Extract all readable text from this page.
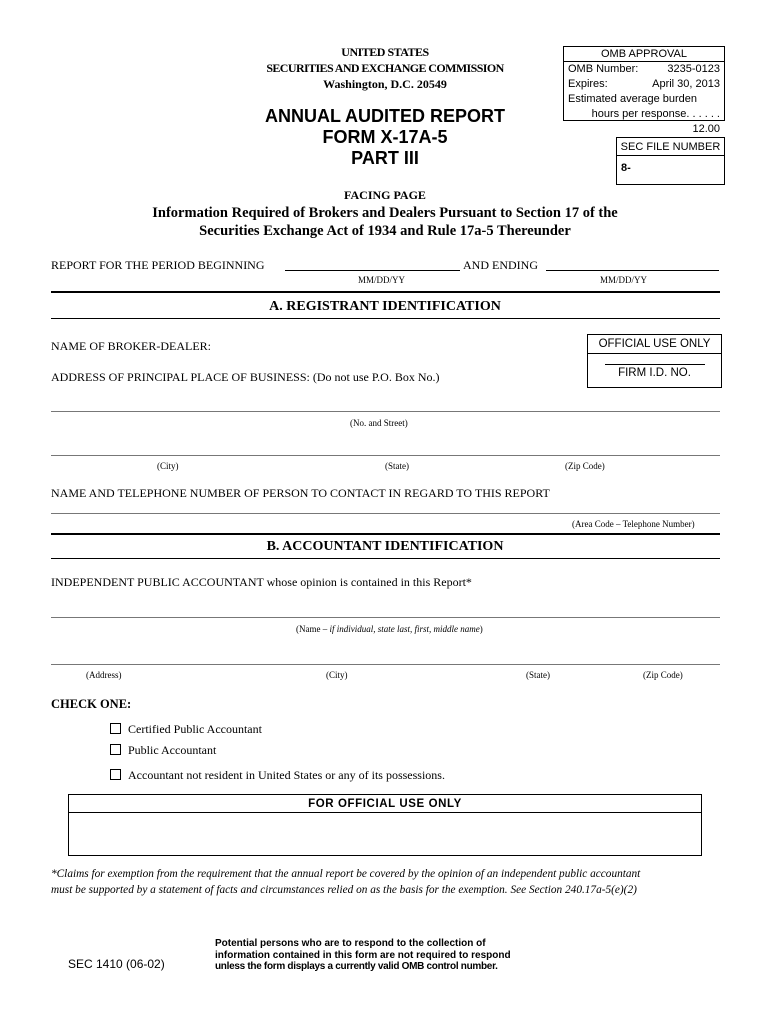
UNITED STATES
SECURITIES AND EXCHANGE COMMISSION
Washington, D.C. 20549
OMB APPROVAL
OMB Number:	3235-0123
Expires:	April 30, 2013
Estimated average burden
hours per response. . . . . . 12.00
ANNUAL AUDITED REPORT
FORM X-17A-5
PART III
SEC FILE NUMBER
8-
FACING PAGE
Information Required of Brokers and Dealers Pursuant to Section 17 of the
Securities Exchange Act of 1934 and Rule 17a-5 Thereunder
REPORT FOR THE PERIOD BEGINNING	AND ENDING
MM/DD/YY	MM/DD/YY
A. REGISTRANT IDENTIFICATION
NAME OF BROKER-DEALER:
ADDRESS OF PRINCIPAL PLACE OF BUSINESS: (Do not use P.O. Box No.)
OFFICIAL USE ONLY
FIRM I.D. NO.
(No. and Street)
(City)	(State)	(Zip Code)
NAME AND TELEPHONE NUMBER OF PERSON TO CONTACT IN REGARD TO THIS REPORT
(Area Code – Telephone Number)
B. ACCOUNTANT IDENTIFICATION
INDEPENDENT PUBLIC ACCOUNTANT whose opinion is contained in this Report*
(Name – if individual, state last, first, middle name)
(Address)	(City)	(State)	(Zip Code)
CHECK ONE:
Certified Public Accountant
Public Accountant
Accountant not resident in United States or any of its possessions.
FOR OFFICIAL USE ONLY
*Claims for exemption from the requirement that the annual report be covered by the opinion of an independent public accountant
must be supported by a statement of facts and circumstances relied on as the basis for the exemption. See Section 240.17a-5(e)(2)
SEC 1410 (06-02)
Potential persons who are to respond to the collection of
information contained in this form are not required to respond
unless the form displays a currently valid OMB control number.
